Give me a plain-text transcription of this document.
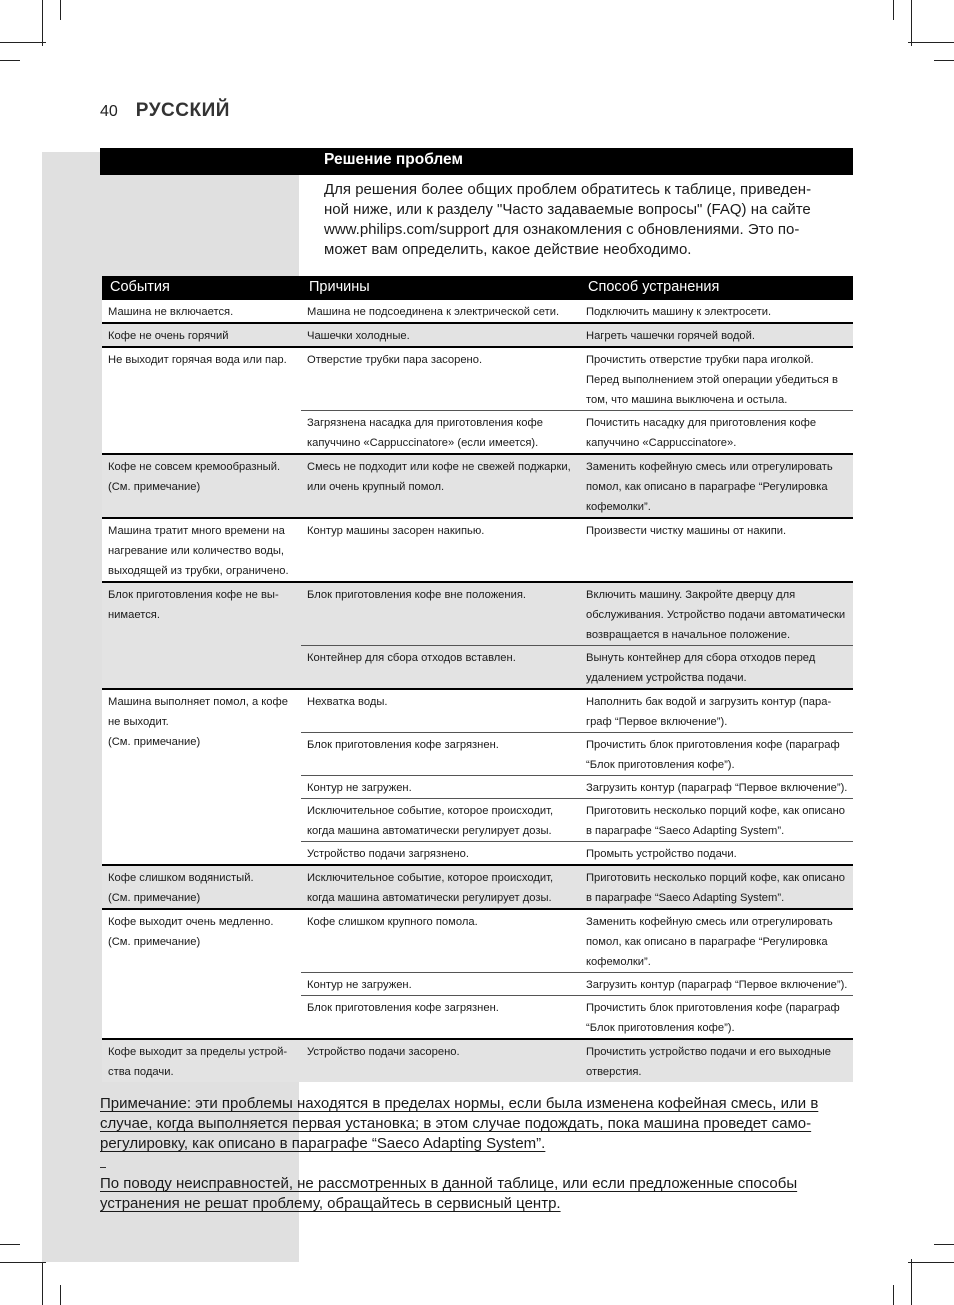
40 РУССКИЙ
Решение проблем
Для решения более общих проблем обратитесь к таблице, приведен-
ной ниже, или к разделу "Часто задаваемые вопросы" (FAQ) на сайте
www.philips.com/support для ознакомления с обновлениями. Это по-
может вам определить, какое действие необходимо.
События	Причины	Способ устранения
Машина не включается.	Машина не подсоединена к электрической сети.	Подключить машину к электросети.
Кофе не очень горячий	Чашечки холодные.	Нагреть чашечки горячей водой.
Не выходит горячая вода или пар.	Отверстие трубки пара засорено.	Прочистить отверстие трубки пара иголкой.
Перед выполнением этой операции убедиться в
том, что машина выключена и остыла.
	Загрязнена насадка для приготовления кофе
капуччино «Cappuccinatore» (если имеется).	Почистить насадку для приготовления кофе
капуччино «Cappuccinatore».
Кофе не совсем кремообразный.
(См. примечание)	Смесь не подходит или кофе не свежей поджарки,
или очень крупный помол.	Заменить кофейную смесь или отрегулировать
помол, как описано в параграфе “Регулировка
кофемолки”.
Машина тратит много времени на
нагревание или количество воды,
выходящей из трубки, ограничено.	Контур машины засорен накипью.	Произвести чистку машины от накипи.
Блок приготовления кофе не вы-
нимается.	Блок приготовления кофе вне положения.	Включить машину. Закройте дверцу для
обслуживания. Устройство подачи автоматически
возвращается в начальное положение.
	Контейнер для сбора отходов вставлен.	Вынуть контейнер для сбора отходов перед
удалением устройства подачи.
Машина выполняет помол, а кофе
не выходит.
(См. примечание)	Нехватка воды.	Наполнить бак водой и загрузить контур (пара-
граф “Первое включение”).
	Блок приготовления кофе загрязнен.	Прочистить блок приготовления кофе (параграф
“Блок приготовления кофе”).
	Контур не загружен.	Загрузить контур (параграф “Первое включение”).
	Исключительное событие, которое происходит,
когда машина автоматически регулирует дозы.	Приготовить несколько порций кофе, как описано
в параграфе “Saeco Adapting System”.
	Устройство подачи загрязнено.	Промыть устройство подачи.
Кофе слишком водянистый.
(См. примечание)	Исключительное событие, которое происходит,
когда машина автоматически регулирует дозы.	Приготовить несколько порций кофе, как описано
в параграфе “Saeco Adapting System”.
Кофе выходит очень медленно.
(См. примечание)	Кофе слишком крупного помола.	Заменить кофейную смесь или отрегулировать
помол, как описано в параграфе “Регулировка
кофемолки”.
	Контур не загружен.	Загрузить контур (параграф “Первое включение”).
	Блок приготовления кофе загрязнен.	Прочистить блок приготовления кофе (параграф
“Блок приготовления кофе”).
Кофе выходит за пределы устрой-
ства подачи.	Устройство подачи засорено.	Прочистить устройство подачи и его выходные
отверстия.

Примечание: эти проблемы находятся в пределах нормы, если была изменена кофейная смесь, или в
случае, когда выполняется первая установка; в этом случае подождать, пока машина проведет само-
регулировку, как описано в параграфе “Saeco Adapting System”.

По поводу неисправностей, не рассмотренных в данной таблице, или если предложенные способы
устранения не решат проблему, обращайтесь в сервисный центр.
